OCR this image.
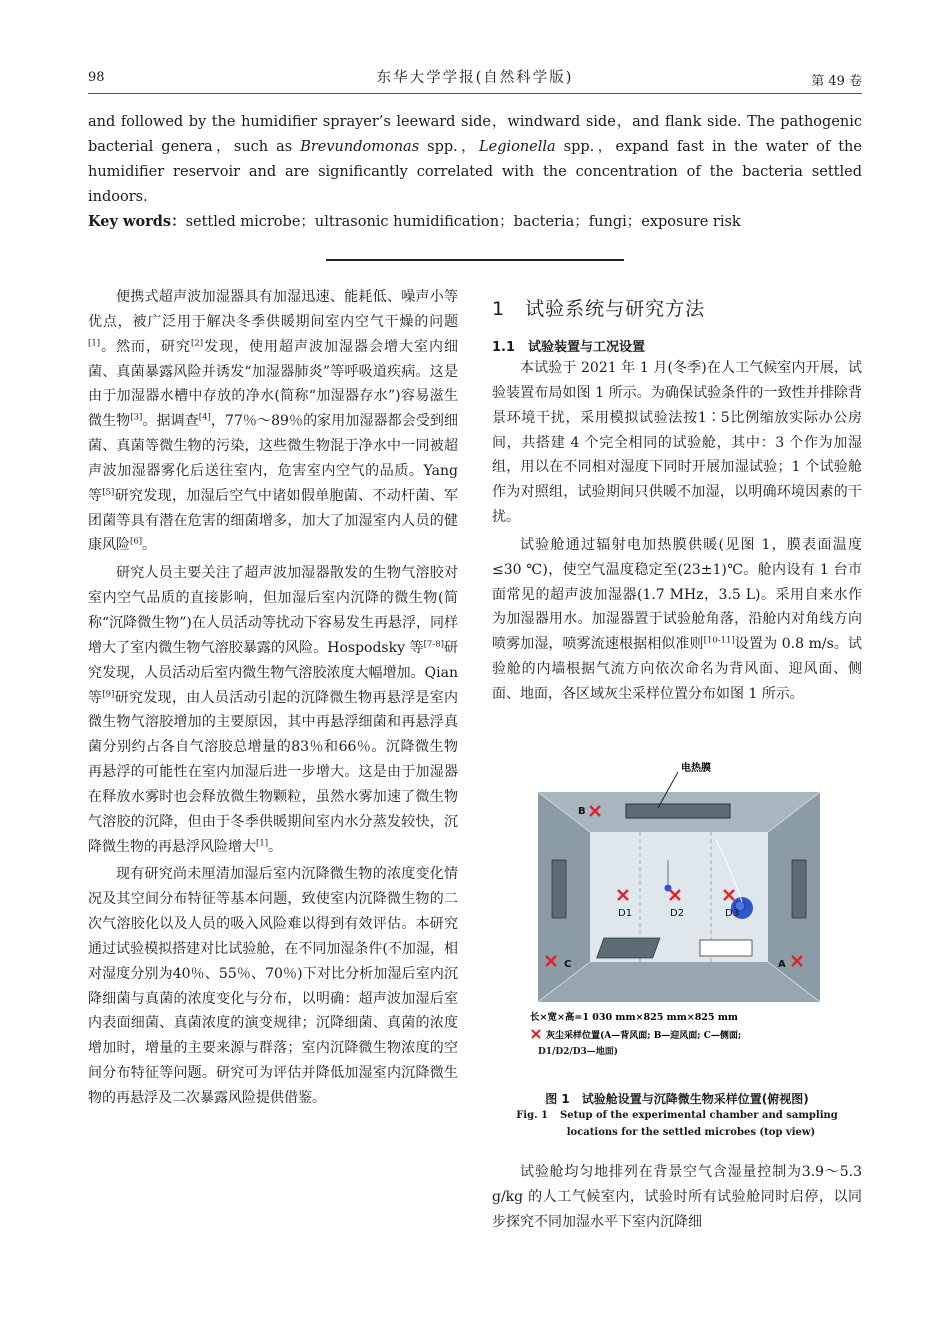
98	东华大学学报(自然科学版)	第 49 卷
and followed by the humidifier sprayer’s leeward side，windward side，and flank side. The pathogenic bacterial genera，such as Brevundomonas spp.，Legionella spp.，expand fast in the water of the humidifier reservoir and are significantly correlated with the concentration of the bacteria settled indoors.
Key words：settled microbe；ultrasonic humidification；bacteria；fungi；exposure risk

便携式超声波加湿器具有加湿迅速、能耗低、噪声小等优点，被广泛用于解决冬季供暖期间室内空气干燥的问题[1]。然而，研究[2]发现，使用超声波加湿器会增大室内细菌、真菌暴露风险并诱发“加湿器肺炎”等呼吸道疾病。这是由于加湿器水槽中存放的净水(简称“加湿器存水”)容易滋生微生物[3]。据调查[4]，77％～89％的家用加湿器都会受到细菌、真菌等微生物的污染，这些微生物混于净水中一同被超声波加湿器雾化后送往室内，危害室内空气的品质。Yang 等[5]研究发现，加湿后空气中诸如假单胞菌、不动杆菌、军团菌等具有潜在危害的细菌增多，加大了加湿室内人员的健康风险[6]。

研究人员主要关注了超声波加湿器散发的生物气溶胶对室内空气品质的直接影响，但加湿后室内沉降的微生物(简称“沉降微生物”)在人员活动等扰动下容易发生再悬浮，同样增大了室内微生物气溶胶暴露的风险。Hospodsky 等[7-8]研究发现，人员活动后室内微生物气溶胶浓度大幅增加。Qian 等[9]研究发现，由人员活动引起的沉降微生物再悬浮是室内微生物气溶胶增加的主要原因，其中再悬浮细菌和再悬浮真菌分别约占各自气溶胶总增量的83％和66％。沉降微生物再悬浮的可能性在室内加湿后进一步增大。这是由于加湿器在释放水雾时也会释放微生物颗粒，虽然水雾加速了微生物气溶胶的沉降，但由于冬季供暖期间室内水分蒸发较快，沉降微生物的再悬浮风险增大[1]。

现有研究尚未厘清加湿后室内沉降微生物的浓度变化情况及其空间分布特征等基本问题，致使室内沉降微生物的二次气溶胶化以及人员的吸入风险难以得到有效评估。本研究通过试验模拟搭建对比试验舱，在不同加湿条件(不加湿，相对湿度分别为40％、55％、70％)下对比分析加湿后室内沉降细菌与真菌的浓度变化与分布，以明确：超声波加湿后室内表面细菌、真菌浓度的演变规律；沉降细菌、真菌的浓度增加时，增量的主要来源与群落；室内沉降微生物浓度的空间分布特征等问题。研究可为评估并降低加湿室内沉降微生物的再悬浮及二次暴露风险提供借鉴。

1　试验系统与研究方法
1.1　试验装置与工况设置

本试验于 2021 年 1 月(冬季)在人工气候室内开展，试验装置布局如图 1 所示。为确保试验条件的一致性并排除背景环境干扰，采用模拟试验法按1∶5比例缩放实际办公房间，共搭建 4 个完全相同的试验舱，其中：3 个作为加湿组，用以在不同相对湿度下同时开展加湿试验；1 个试验舱作为对照组，试验期间只供暖不加湿，以明确环境因素的干扰。

试验舱通过辐射电加热膜供暖(见图 1，膜表面温度≤30 ℃)，使空气温度稳定至(23±1)℃。舱内设有 1 台市面常见的超声波加湿器(1.7 MHz，3.5 L)。采用自来水作为加湿器用水。加湿器置于试验舱角落，沿舱内对角线方向喷雾加湿，喷雾流速根据相似准则[10-11]设置为 0.8 m/s。试验舱的内墙根据气流方向依次命名为背风面、迎风面、侧面、地面，各区域灰尘采样位置分布如图 1 所示。

电热膜
B
D1	D2	D3
C	A
长×宽×高=1 030 mm×825 mm×825 mm
灰尘采样位置(A—背风面; B—迎风面; C—侧面;
D1/D2/D3—地面)
图 1　试验舱设置与沉降微生物采样位置(俯视图)
Fig. 1 Setup of the experimental chamber and sampling
locations for the settled microbes (top view)

试验舱均匀地排列在背景空气含湿量控制为3.9～5.3 g/kg 的人工气候室内，试验时所有试验舱同时启停，以同步探究不同加湿水平下室内沉降细
